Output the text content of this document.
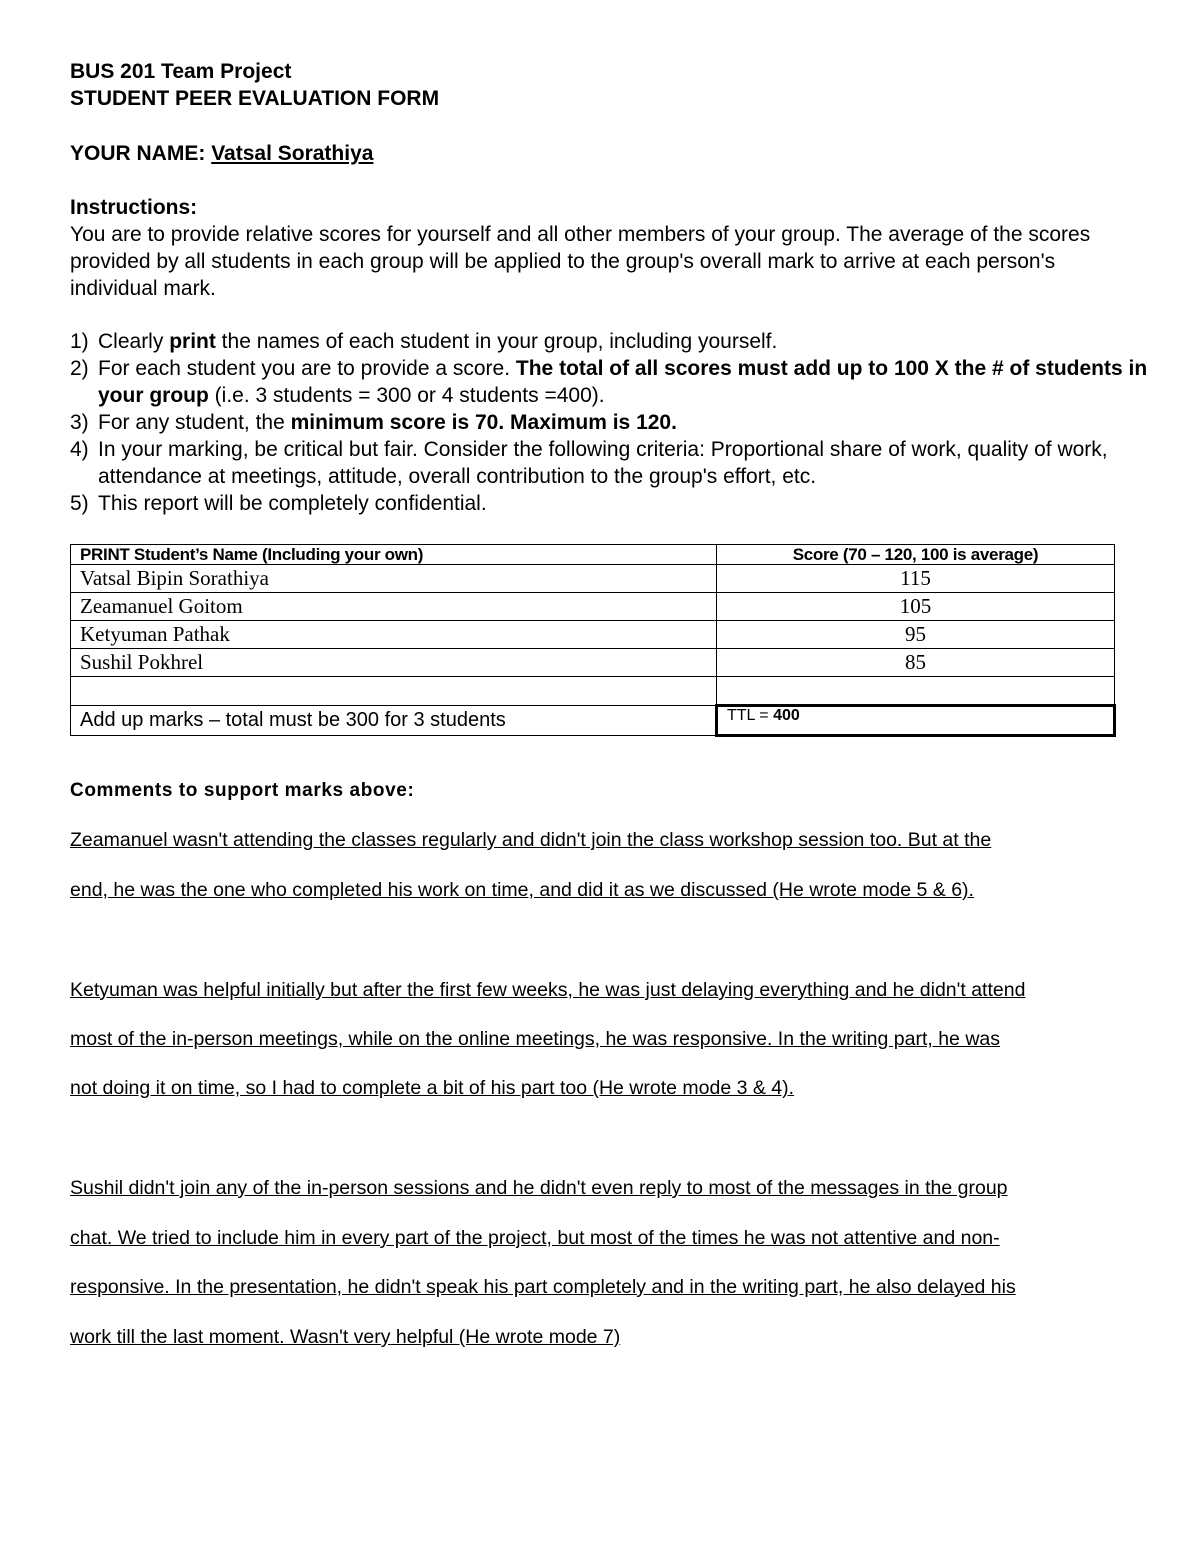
BUS 201 Team Project
STUDENT PEER EVALUATION FORM
YOUR NAME: Vatsal Sorathiya
Instructions:
You are to provide relative scores for yourself and all other members of your group. The average of the scores provided by all students in each group will be applied to the group's overall mark to arrive at each person's individual mark.
1) Clearly print the names of each student in your group, including yourself.
2) For each student you are to provide a score. The total of all scores must add up to 100 X the # of students in your group (i.e. 3 students = 300 or 4 students =400).
3) For any student, the minimum score is 70. Maximum is 120.
4) In your marking, be critical but fair. Consider the following criteria: Proportional share of work, quality of work, attendance at meetings, attitude, overall contribution to the group's effort, etc.
5) This report will be completely confidential.
PRINT Student’s Name (Including your own)	Score (70 – 120, 100 is average)
Vatsal Bipin Sorathiya	115
Zeamanuel Goitom	105
Ketyuman Pathak	95
Sushil Pokhrel	85

Add up marks – total must be 300 for 3 students	TTL = 400
Comments to support marks above:
Zeamanuel wasn't attending the classes regularly and didn't join the class workshop session too. But at the
end, he was the one who completed his work on time, and did it as we discussed (He wrote mode 5 & 6).
Ketyuman was helpful initially but after the first few weeks, he was just delaying everything and he didn't attend
most of the in-person meetings, while on the online meetings, he was responsive. In the writing part, he was
not doing it on time, so I had to complete a bit of his part too (He wrote mode 3 & 4).
Sushil didn't join any of the in-person sessions and he didn't even reply to most of the messages in the group
chat. We tried to include him in every part of the project, but most of the times he was not attentive and non-
responsive. In the presentation, he didn't speak his part completely and in the writing part, he also delayed his
work till the last moment. Wasn't very helpful (He wrote mode 7)
